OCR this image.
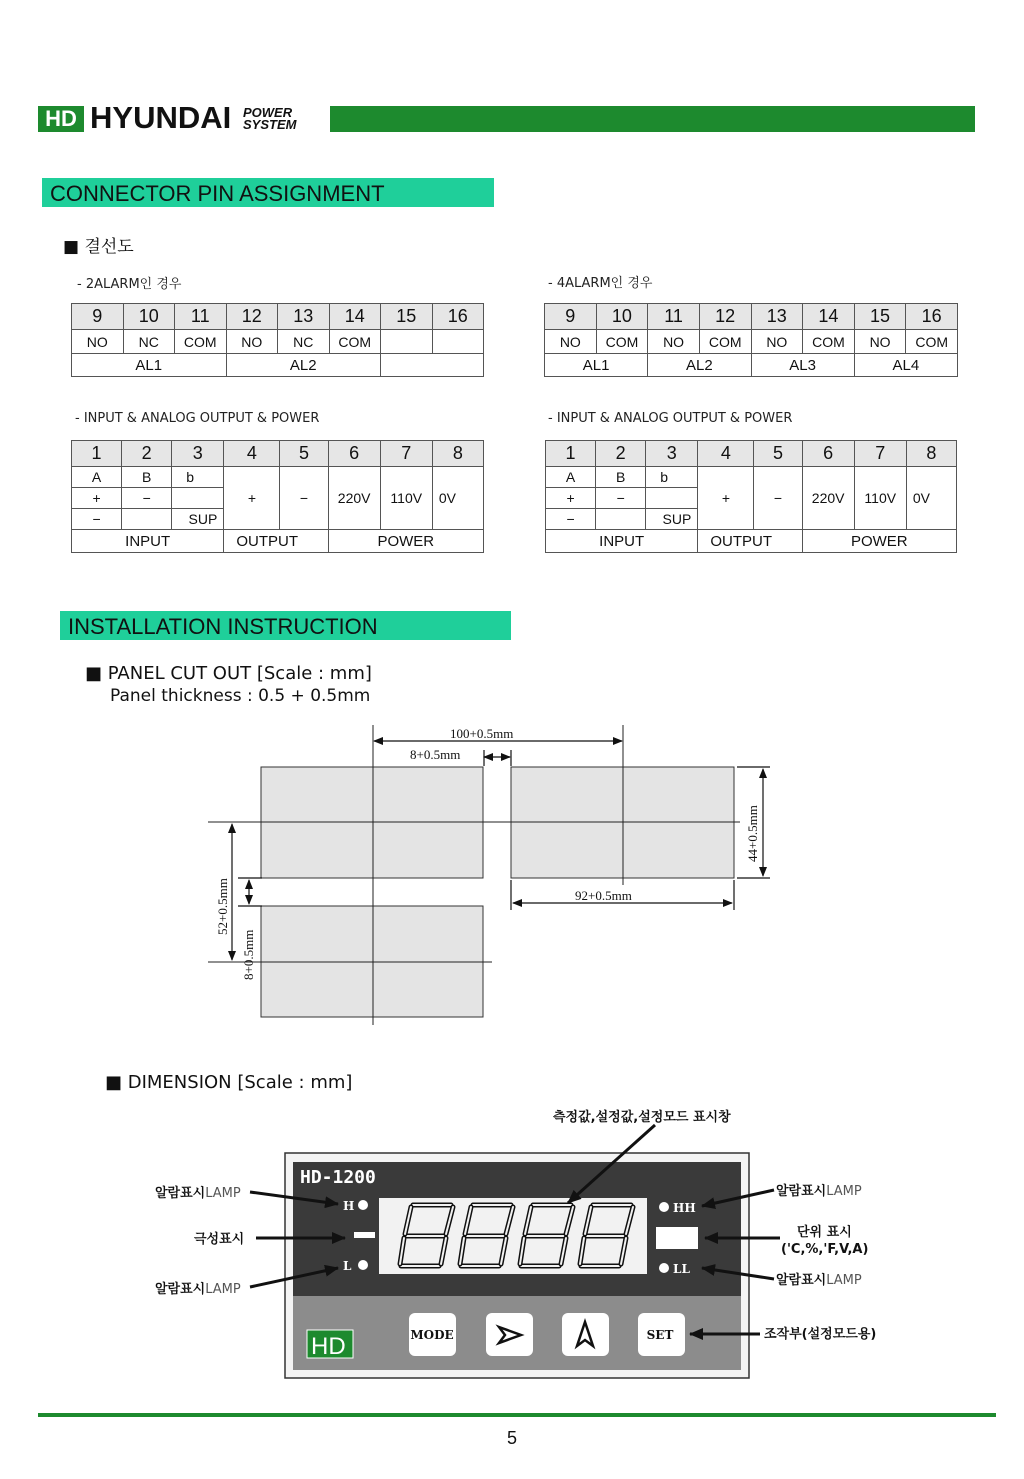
HD HYUNDAI POWER
SYSTEM
CONNECTOR PIN ASSIGNMENT
■ 결선도
- 2ALARM인 경우	- 4ALARM인 경우
9	10	11	12	13	14	15	16
NO	NC	COM	NO	NC	COM		
AL1			AL2				
9	10	11	12	13	14	15	16
NO	COM	NO	COM	NO	COM	NO	COM
AL1		AL2		AL3		AL4	
- INPUT & ANALOG OUTPUT & POWER	- INPUT & ANALOG OUTPUT & POWER
1	2	3	4	5	6	7	8
A	B	b	+	−	220V	110V	0V
+	−						
−		SUP					
INPUT			OUTPUT		POWER		
1	2	3	4	5	6	7	8
A	B	b	+	−	220V	110V	0V
+	−						
−		SUP					
INPUT			OUTPUT		POWER		
INSTALLATION INSTRUCTION
■ PANEL CUT OUT [Scale : mm]
Panel thickness : 0.5 + 0.5mm
100+0.5mm
8+0.5mm
92+0.5mm
44+0.5mm
52+0.5mm
8+0.5mm
■ DIMENSION [Scale : mm]
HD-1200
H
L
HH
LL
HD	MODE	SET
측정값,설정값,설정모드 표시창
알람표시LAMP
극성표시
알람표시LAMP
알람표시LAMP
단위 표시
('C,%,'F,V,A)
알람표시LAMP
조작부(설정모드용)
5
